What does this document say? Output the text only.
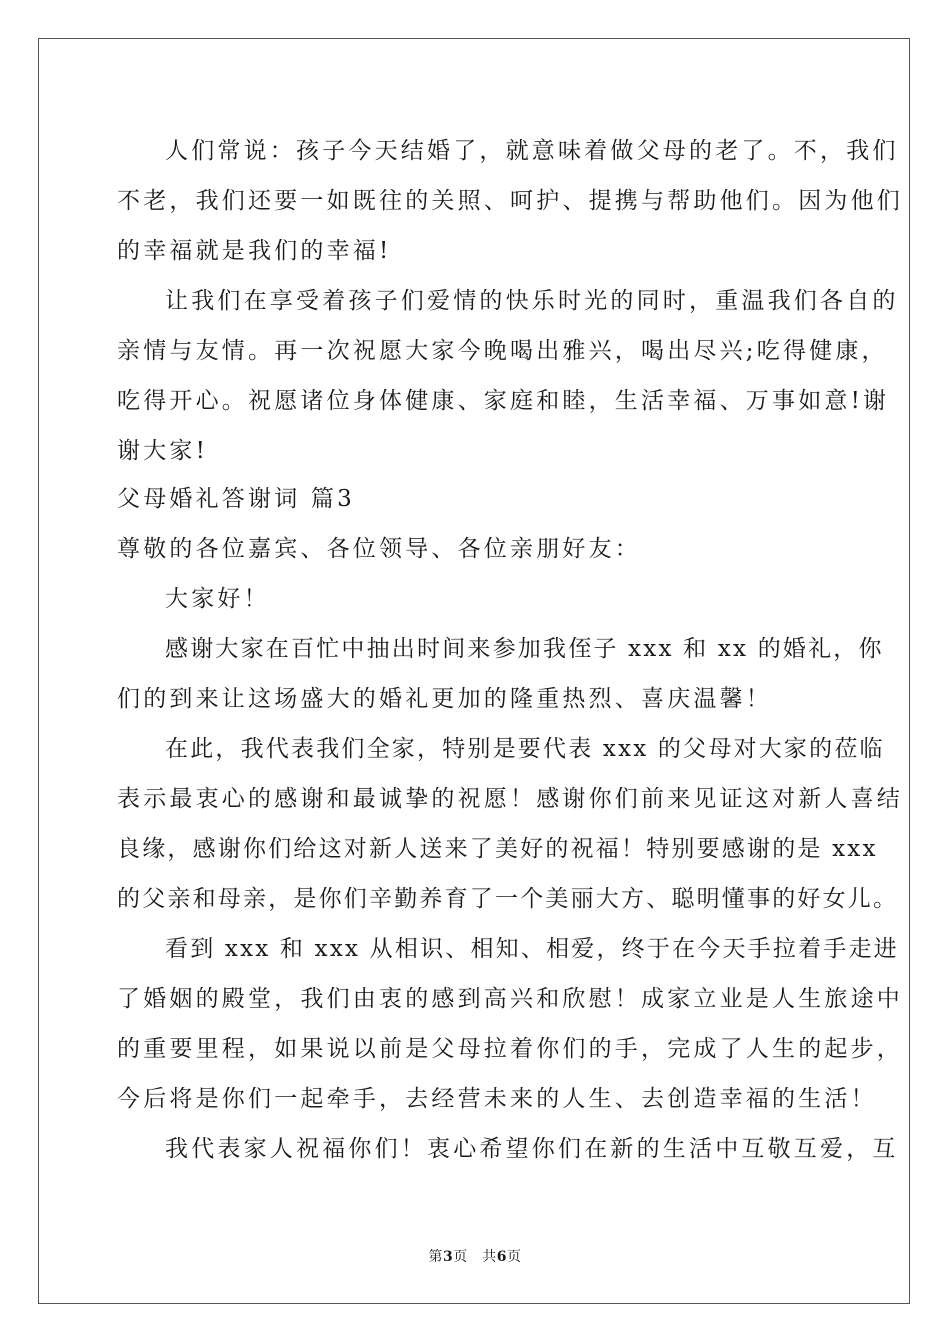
人们常说：孩子今天结婚了，就意味着做父母的老了。不，我们
不老，我们还要一如既往的关照、呵护、提携与帮助他们。因为他们
的幸福就是我们的幸福!
让我们在享受着孩子们爱情的快乐时光的同时，重温我们各自的
亲情与友情。再一次祝愿大家今晚喝出雅兴，喝出尽兴;吃得健康，
吃得开心。祝愿诸位身体健康、家庭和睦，生活幸福、万事如意!谢
谢大家!
父母婚礼答谢词 篇3
尊敬的各位嘉宾、各位领导、各位亲朋好友：
大家好！
感谢大家在百忙中抽出时间来参加我侄子 xxx 和 xx 的婚礼，你
们的到来让这场盛大的婚礼更加的隆重热烈、喜庆温馨！
在此，我代表我们全家，特别是要代表 xxx 的父母对大家的莅临
表示最衷心的感谢和最诚挚的祝愿！感谢你们前来见证这对新人喜结
良缘，感谢你们给这对新人送来了美好的祝福！特别要感谢的是 xxx
的父亲和母亲，是你们辛勤养育了一个美丽大方、聪明懂事的好女儿。
看到 xxx 和 xxx 从相识、相知、相爱，终于在今天手拉着手走进
了婚姻的殿堂，我们由衷的感到高兴和欣慰！成家立业是人生旅途中
的重要里程，如果说以前是父母拉着你们的手，完成了人生的起步，
今后将是你们一起牵手，去经营未来的人生、去创造幸福的生活！
我代表家人祝福你们！衷心希望你们在新的生活中互敬互爱，互
第3页　共6页
